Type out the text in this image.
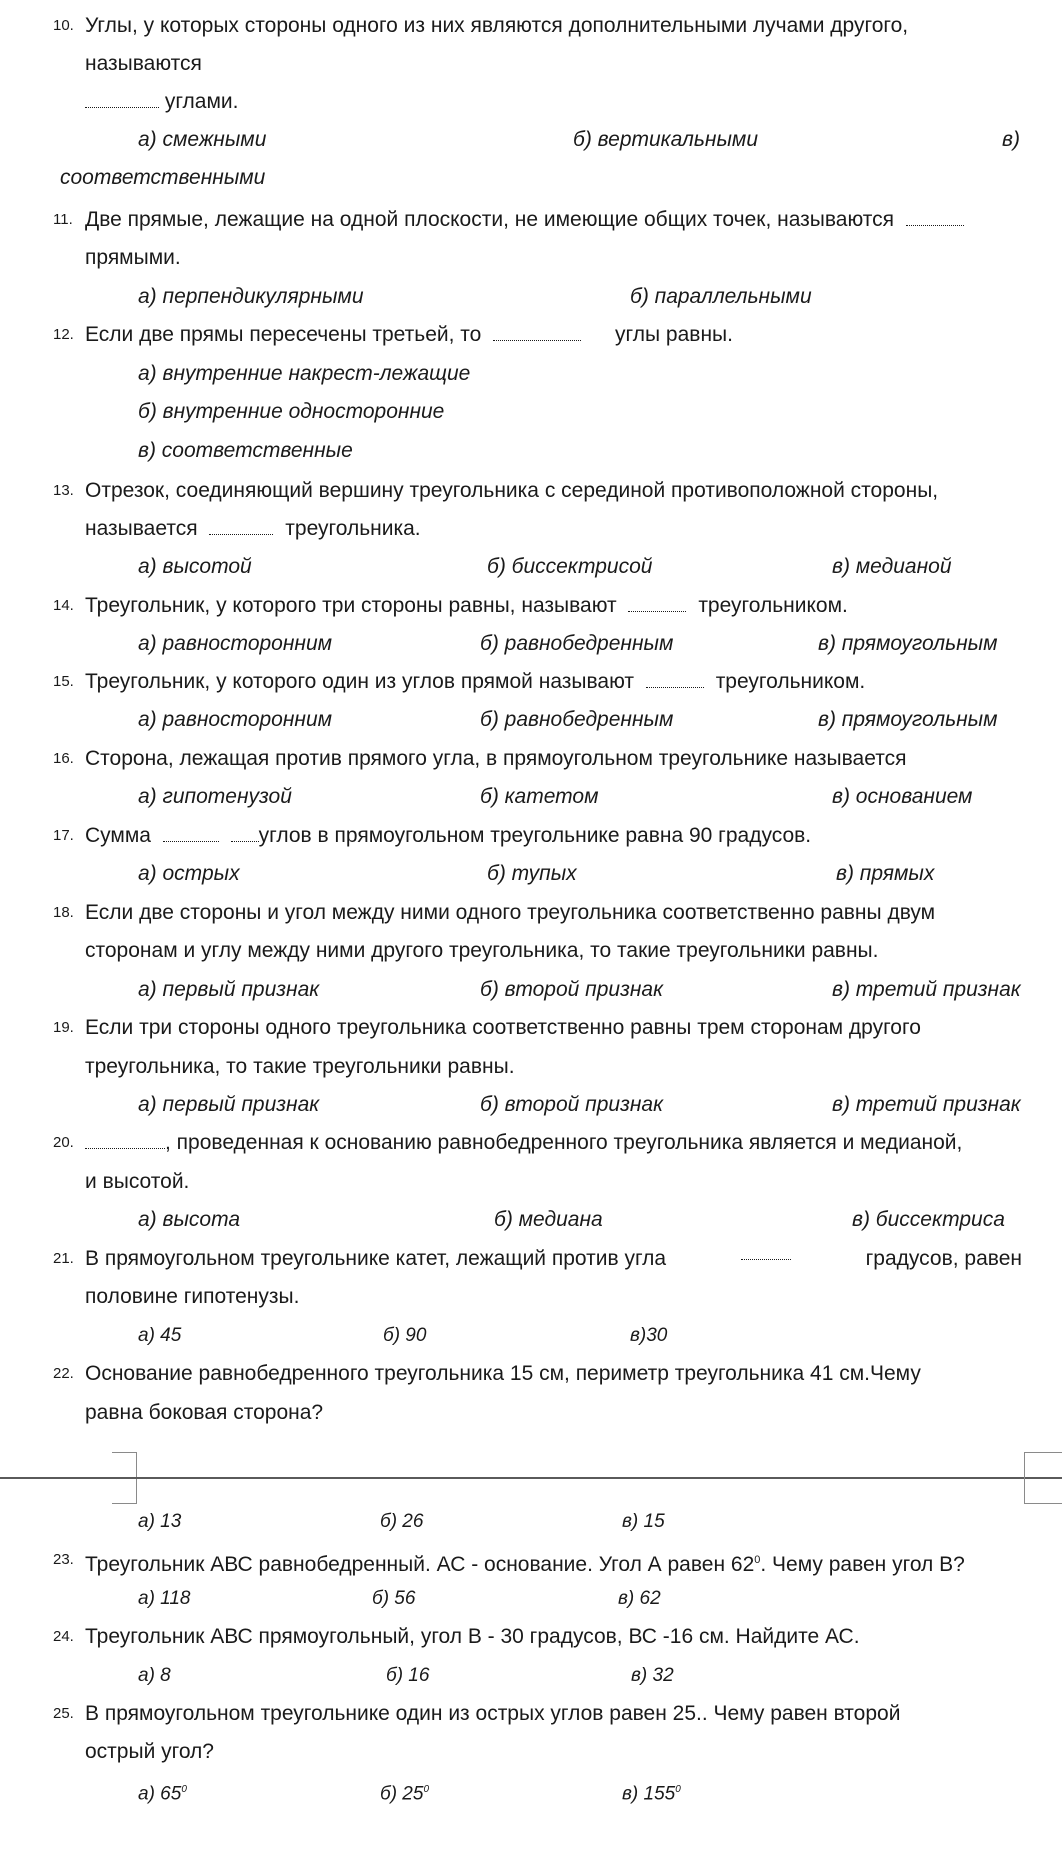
10. Углы, у которых стороны одного из них являются дополнительными лучами другого,
называются
углами.
а) смежными	б) вертикальными	в)
соответственными
11. Две прямые, лежащие на одной плоскости, не имеющие общих точек, называются
прямыми.
а) перпендикулярными	б) параллельными
12. Если две прямы пересечены третьей, то	углы равны.
а) внутренние накрест-лежащие
б) внутренние односторонние
в) соответственные
13. Отрезок, соединяющий вершину треугольника с серединой противоположной стороны,
называется	треугольника.
а) высотой	б) биссектрисой	в) медианой
14. Треугольник, у которого три стороны равны, называют	треугольником.
а) равносторонним	б) равнобедренным	в) прямоугольным
15. Треугольник, у которого один из углов прямой называют	треугольником.
а) равносторонним	б) равнобедренным	в) прямоугольным
16. Сторона, лежащая против прямого угла, в прямоугольном треугольнике называется
а) гипотенузой	б) катетом	в) основанием
17. Сумма	углов в прямоугольном треугольнике равна 90 градусов.
а) острых	б) тупых	в) прямых
18. Если две стороны и угол между ними одного треугольника соответственно равны двум
сторонам и углу между ними другого треугольника, то такие треугольники равны.
а) первый признак	б) второй признак	в) третий признак
19. Если три стороны одного треугольника соответственно равны трем сторонам другого
треугольника, то такие треугольники равны.
а) первый признак	б) второй признак	в) третий признак
20.	, проведенная к основанию равнобедренного треугольника является и медианой,
и высотой.
а) высота	б) медиана	в) биссектриса
21. В прямоугольном треугольнике катет, лежащий против угла	градусов, равен
половине гипотенузы.
а) 45	б) 90	в)30
22. Основание равнобедренного треугольника 15 см, периметр треугольника 41 см.Чему
равна боковая сторона?
а) 13	б) 26	в) 15
23. Треугольник АВС равнобедренный. АС - основание. Угол А равен $62^0$. Чему равен угол В?
а) 118	б) 56	в) 62
24. Треугольник АВС прямоугольный, угол В - 30 градусов, ВС -16 см. Найдите АС.
а) 8	б) 16	в) 32
25. В прямоугольном треугольнике один из острых углов равен 25.. Чему равен второй
острый угол?
а) $65^0$	б) $25^0$	в) $155^0$
